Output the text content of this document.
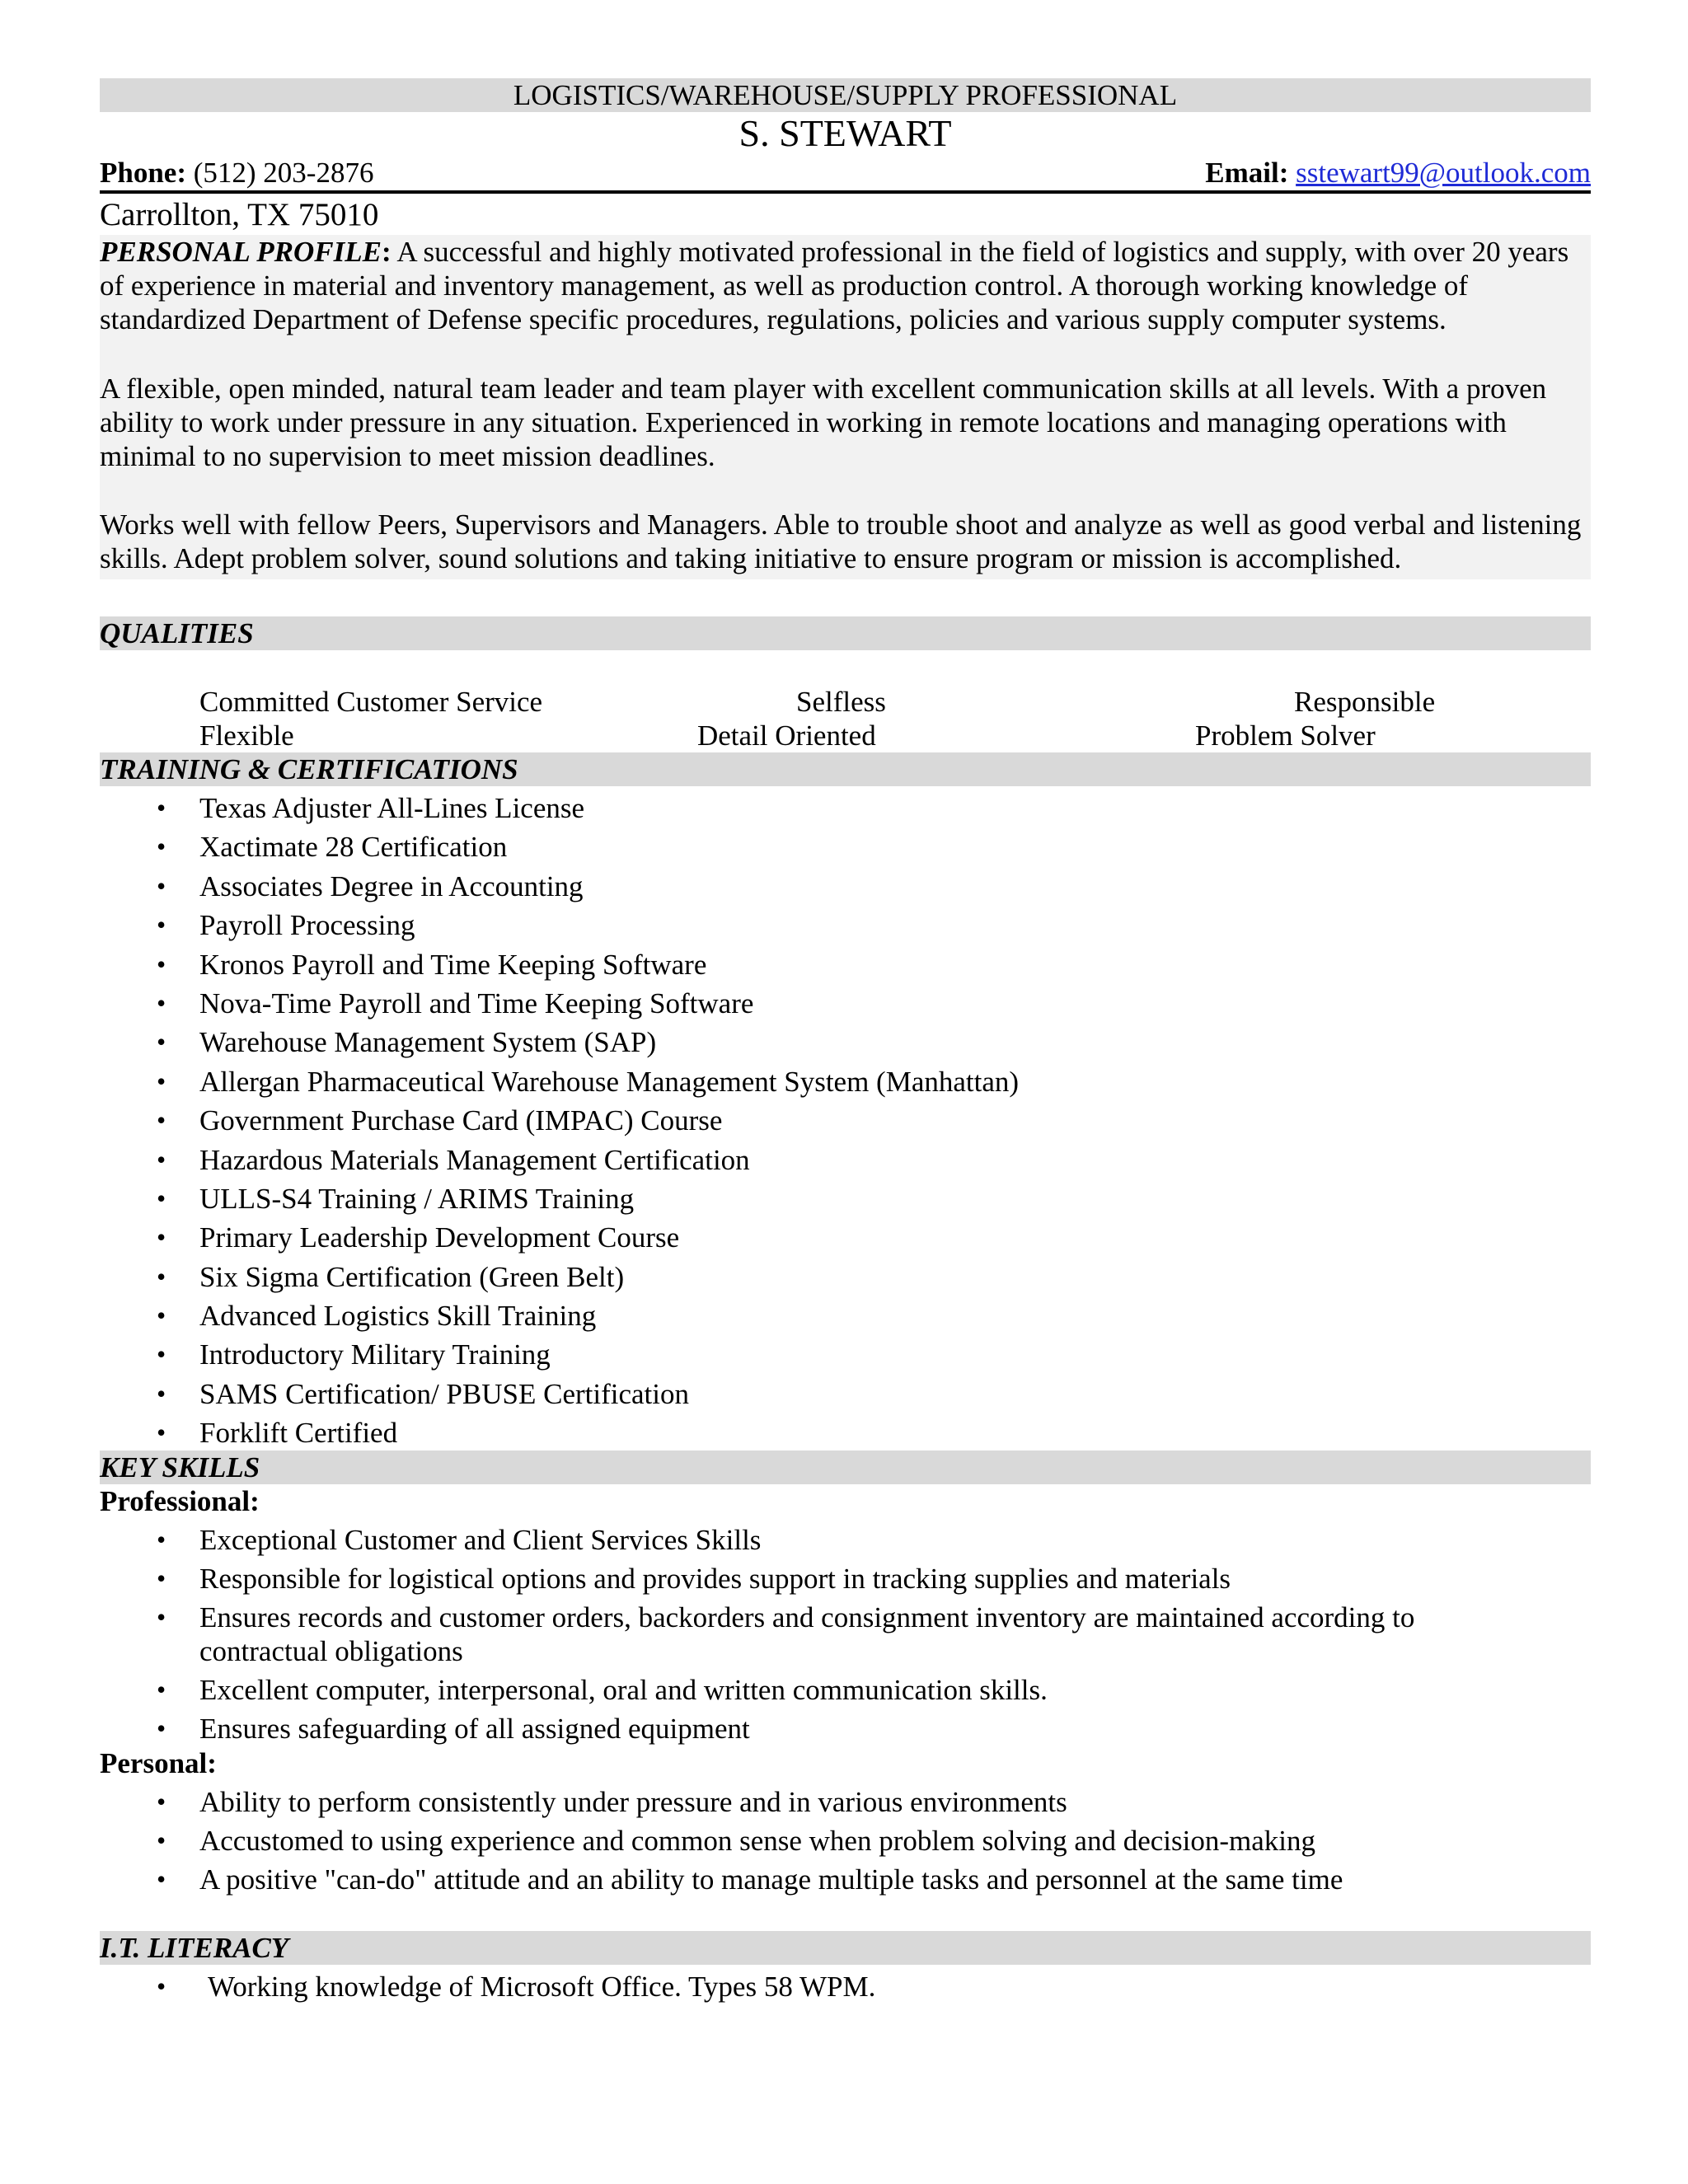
LOGISTICS/WAREHOUSE/SUPPLY PROFESSIONAL
S. STEWART
Phone: (512) 203-2876	Email: sstewart99@outlook.com
Carrollton, TX 75010
PERSONAL PROFILE: A successful and highly motivated professional in the field of logistics and supply, with over 20 years of experience in material and inventory management, as well as production control. A thorough working knowledge of standardized Department of Defense specific procedures, regulations, policies and various supply computer systems.
A flexible, open minded, natural team leader and team player with excellent communication skills at all levels. With a proven ability to work under pressure in any situation. Experienced in working in remote locations and managing operations with minimal to no supervision to meet mission deadlines.
Works well with fellow Peers, Supervisors and Managers. Able to trouble shoot and analyze as well as good verbal and listening skills. Adept problem solver, sound solutions and taking initiative to ensure program or mission is accomplished.
QUALITIES
Committed Customer Service	Selfless	Responsible
Flexible	Detail Oriented	Problem Solver
TRAINING & CERTIFICATIONS
• Texas Adjuster All-Lines License
• Xactimate 28 Certification
• Associates Degree in Accounting
• Payroll Processing
• Kronos Payroll and Time Keeping Software
• Nova-Time Payroll and Time Keeping Software
• Warehouse Management System (SAP)
• Allergan Pharmaceutical Warehouse Management System (Manhattan)
• Government Purchase Card (IMPAC) Course
• Hazardous Materials Management Certification
• ULLS-S4 Training / ARIMS Training
• Primary Leadership Development Course
• Six Sigma Certification (Green Belt)
• Advanced Logistics Skill Training
• Introductory Military Training
• SAMS Certification/ PBUSE Certification
• Forklift Certified
KEY SKILLS
Professional:
• Exceptional Customer and Client Services Skills
• Responsible for logistical options and provides support in tracking supplies and materials
• Ensures records and customer orders, backorders and consignment inventory are maintained according to
contractual obligations
• Excellent computer, interpersonal, oral and written communication skills.
• Ensures safeguarding of all assigned equipment
Personal:
• Ability to perform consistently under pressure and in various environments
• Accustomed to using experience and common sense when problem solving and decision-making
• A positive "can-do" attitude and an ability to manage multiple tasks and personnel at the same time
I.T. LITERACY
• Working knowledge of Microsoft Office. Types 58 WPM.
